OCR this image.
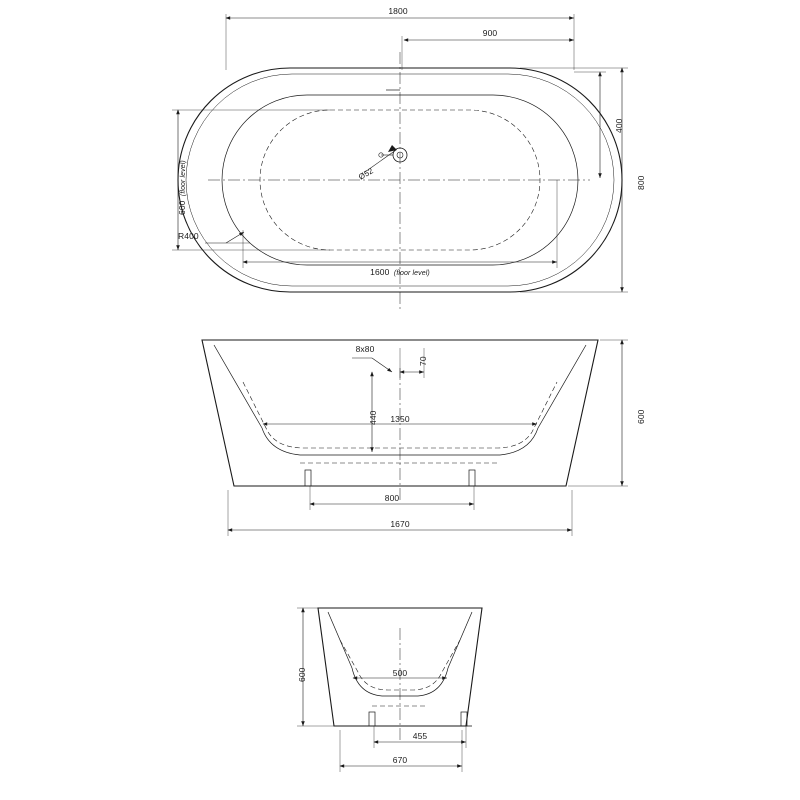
1800
900
1600 (floor level)
800
400
600 (floor level)
R400
Ø52
8x80
70
440 1350	600
800
1670
600	500
455
670
